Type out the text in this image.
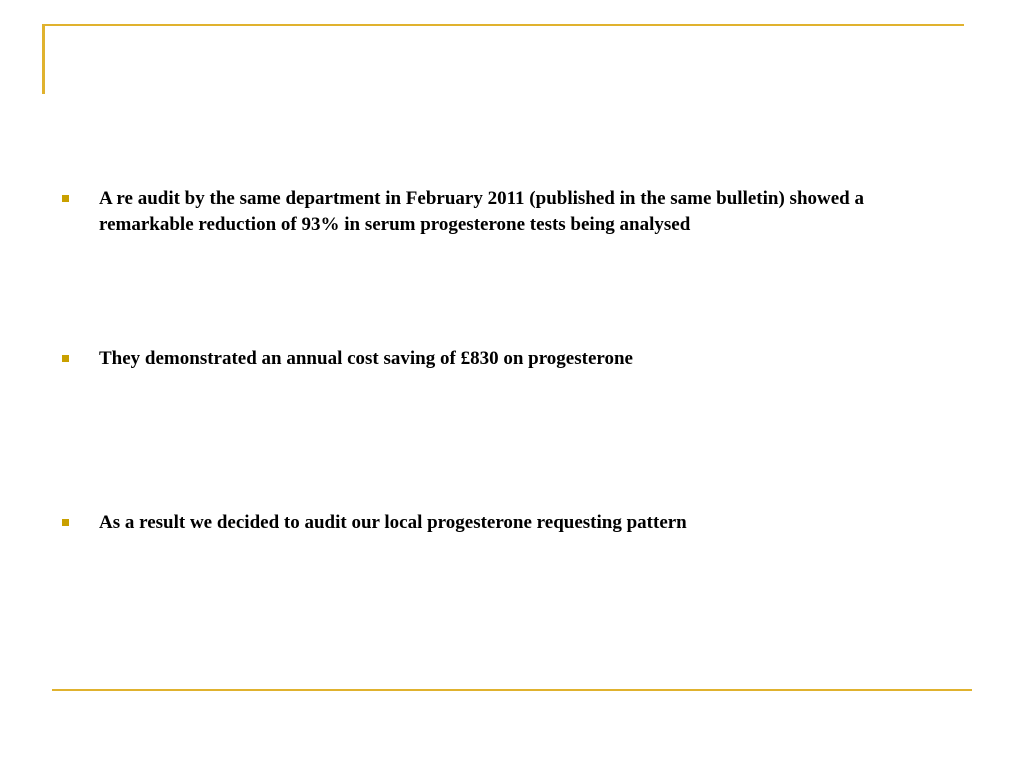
A re audit by the same department in February 2011 (published in the same bulletin) showed a remarkable reduction of 93% in serum progesterone tests being analysed
They demonstrated an annual cost saving of £830 on progesterone
As a result we decided to audit our local progesterone requesting pattern
